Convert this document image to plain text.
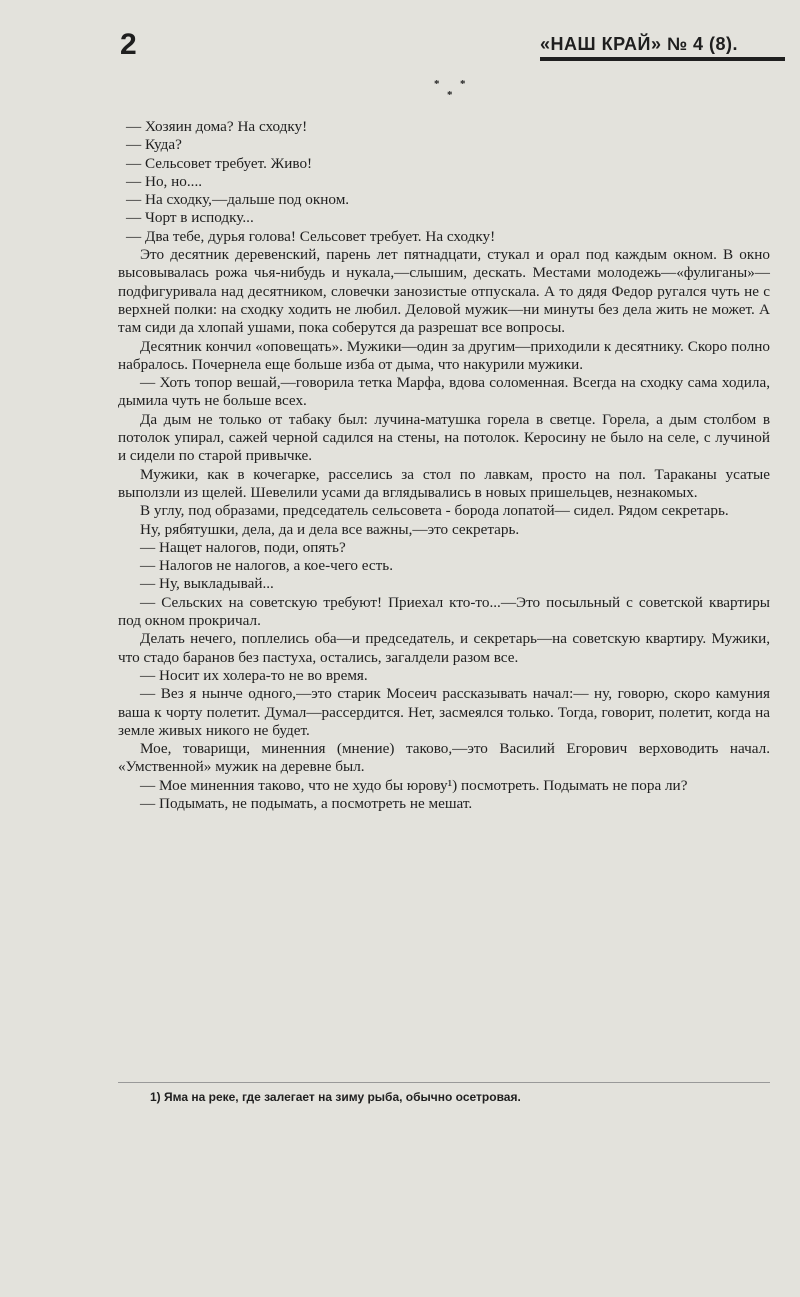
2	«НАШ КРАЙ» № 4 (8).
* *
*

— Хозяин дома? На сходку!

— Куда?

— Сельсовет требует. Живо!

— Но, но....

— На сходку,—дальше под окном.

— Чорт в исподку...

— Два тебе, дурья голова! Сельсовет требует. На сходку!

Это десятник деревенский, парень лет пятнадцати, стукал и орал под каждым окном. В окно высовывалась рожа чья-нибудь и нукала,—слышим, дескать. Местами молодежь—«фулиганы»—подфигуривала над десятником, словечки занозистые отпускала. А то дядя Федор ругался чуть не с верхней полки: на сходку ходить не любил. Деловой мужик—ни минуты без дела жить не может. А там сиди да хлопай ушами, пока соберутся да разрешат все вопросы.

Десятник кончил «оповещать». Мужики—один за другим—приходили к десятнику. Скоро полно набралось. Почернела еще больше изба от дыма, что накурили мужики.

— Хоть топор вешай,—говорила тетка Марфа, вдова соломенная. Всегда на сходку сама ходила, дымила чуть не больше всех.

Да дым не только от табаку был: лучина-матушка горела в светце. Горела, а дым столбом в потолок упирал, сажей черной садился на стены, на потолок. Керосину не было на селе, с лучиной и сидели по старой привычке.

Мужики, как в кочегарке, расселись за стол по лавкам, просто на пол. Тараканы усатые выползли из щелей. Шевелили усами да вглядывались в новых пришельцев, незнакомых.

В углу, под образами, председатель сельсовета - борода лопатой— сидел. Рядом секретарь.

Ну, рябятушки, дела, да и дела все важны,—это секретарь.

— Нащет налогов, поди, опять?

— Налогов не налогов, а кое-чего есть.

— Ну, выкладывай...

— Сельских на советскую требуют! Приехал кто-то...—Это посыльный с советской квартиры под окном прокричал.

Делать нечего, поплелись оба—и председатель, и секретарь—на советскую квартиру. Мужики, что стадо баранов без пастуха, остались, загалдели разом все.

— Носит их холера-то не во время.

— Вез я нынче одного,—это старик Мосеич рассказывать начал:— ну, говорю, скоро камуния ваша к чорту полетит. Думал—рассердится. Нет, засмеялся только. Тогда, говорит, полетит, когда на земле живых никого не будет.

Мое, товарищи, миненния (мнение) таково,—это Василий Егорович верховодить начал. «Умственной» мужик на деревне был.

— Мое миненния таково, что не худо бы юрову¹) посмотреть. Подымать не пора ли?

— Подымать, не подымать, а посмотреть не мешат.

1) Яма на реке, где залегает на зиму рыба, обычно осетровая.
